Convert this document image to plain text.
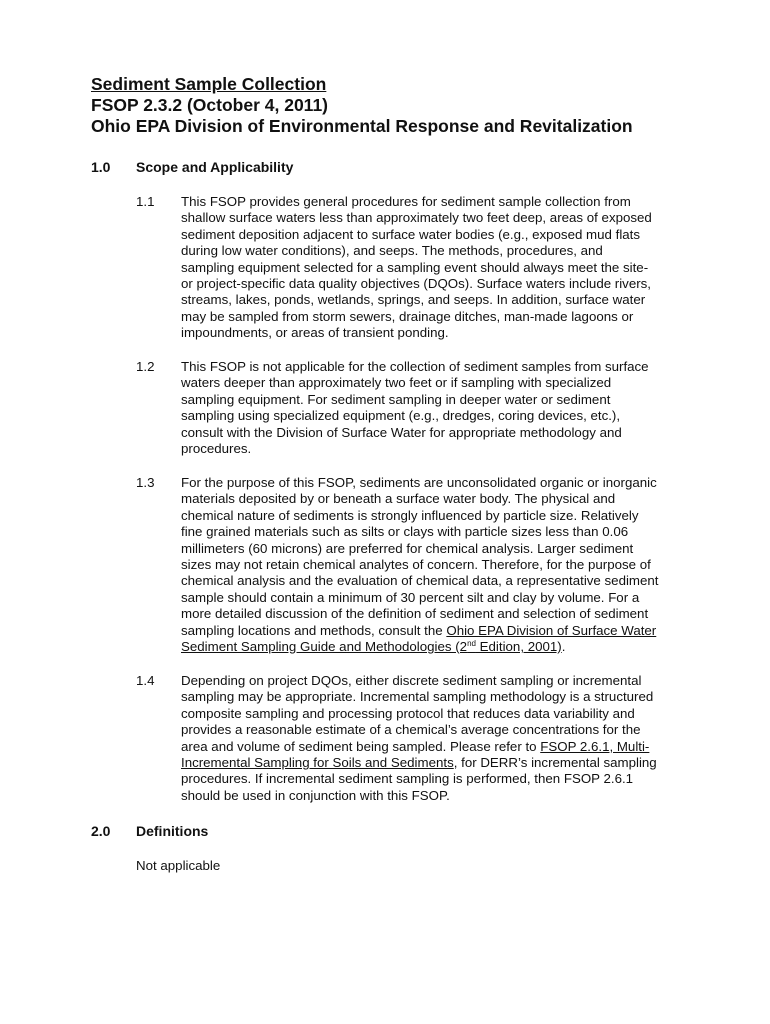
Sediment Sample Collection
FSOP 2.3.2 (October 4, 2011)
Ohio EPA Division of Environmental Response and Revitalization
1.0 Scope and Applicability
1.1 This FSOP provides general procedures for sediment sample collection from
shallow surface waters less than approximately two feet deep, areas of exposed
sediment deposition adjacent to surface water bodies (e.g., exposed mud flats
during low water conditions), and seeps. The methods, procedures, and
sampling equipment selected for a sampling event should always meet the site-
or project-specific data quality objectives (DQOs). Surface waters include rivers,
streams, lakes, ponds, wetlands, springs, and seeps. In addition, surface water
may be sampled from storm sewers, drainage ditches, man-made lagoons or
impoundments, or areas of transient ponding.
1.2 This FSOP is not applicable for the collection of sediment samples from surface
waters deeper than approximately two feet or if sampling with specialized
sampling equipment. For sediment sampling in deeper water or sediment
sampling using specialized equipment (e.g., dredges, coring devices, etc.),
consult with the Division of Surface Water for appropriate methodology and
procedures.
1.3 For the purpose of this FSOP, sediments are unconsolidated organic or inorganic
materials deposited by or beneath a surface water body. The physical and
chemical nature of sediments is strongly influenced by particle size. Relatively
fine grained materials such as silts or clays with particle sizes less than 0.06
millimeters (60 microns) are preferred for chemical analysis. Larger sediment
sizes may not retain chemical analytes of concern. Therefore, for the purpose of
chemical analysis and the evaluation of chemical data, a representative sediment
sample should contain a minimum of 30 percent silt and clay by volume. For a
more detailed discussion of the definition of sediment and selection of sediment
sampling locations and methods, consult the Ohio EPA Division of Surface Water
Sediment Sampling Guide and Methodologies (2nd Edition, 2001).
1.4 Depending on project DQOs, either discrete sediment sampling or incremental
sampling may be appropriate. Incremental sampling methodology is a structured
composite sampling and processing protocol that reduces data variability and
provides a reasonable estimate of a chemical’s average concentrations for the
area and volume of sediment being sampled. Please refer to FSOP 2.6.1, Multi-
Incremental Sampling for Soils and Sediments, for DERR’s incremental sampling
procedures. If incremental sediment sampling is performed, then FSOP 2.6.1
should be used in conjunction with this FSOP.
2.0 Definitions
Not applicable
